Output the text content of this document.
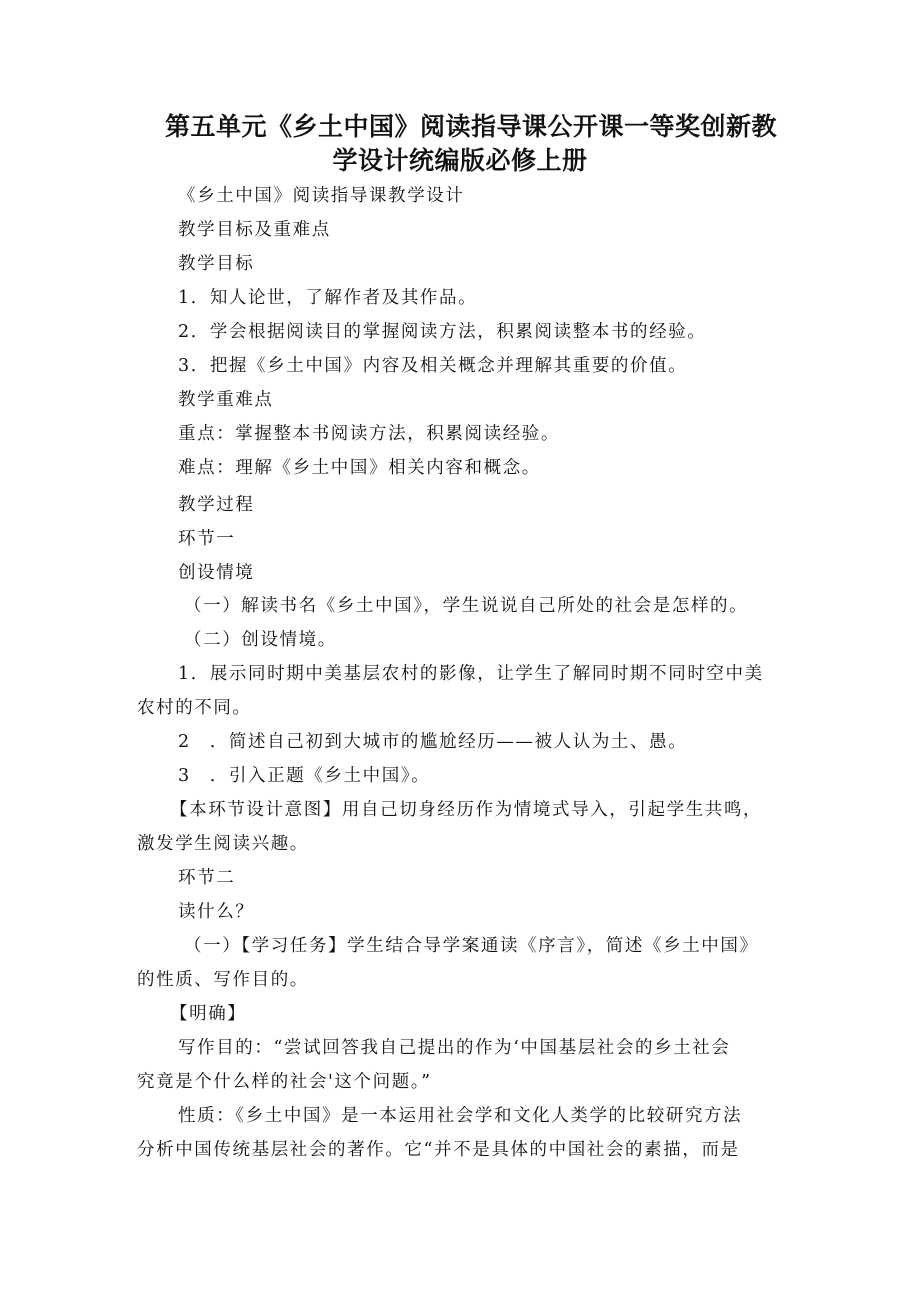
第五单元《乡土中国》阅读指导课公开课一等奖创新教
学设计统编版必修上册
《乡土中国》阅读指导课教学设计
教学目标及重难点
教学目标
1．知人论世，了解作者及其作品。
2．学会根据阅读目的掌握阅读方法，积累阅读整本书的经验。
3．把握《乡土中国》内容及相关概念并理解其重要的价值。
教学重难点
重点：掌握整本书阅读方法，积累阅读经验。
难点：理解《乡土中国》相关内容和概念。
教学过程
环节一
创设情境
（一）解读书名《乡土中国》，学生说说自己所处的社会是怎样的。
（二）创设情境。
1．展示同时期中美基层农村的影像，让学生了解同时期不同时空中美
农村的不同。
2　．简述自己初到大城市的尴尬经历——被人认为土、愚。
3　．引入正题《乡土中国》。
【本环节设计意图】用自己切身经历作为情境式导入，引起学生共鸣，
激发学生阅读兴趣。
环节二
读什么？
（一）【学习任务】学生结合导学案通读《序言》，简述《乡土中国》
的性质、写作目的。
【明确】
写作目的：“尝试回答我自己提出的作为‘中国基层社会的乡土社会
究竟是个什么样的社会'这个问题。”
性质：《乡土中国》是一本运用社会学和文化人类学的比较研究方法
分析中国传统基层社会的著作。它“并不是具体的中国社会的素描，而是
